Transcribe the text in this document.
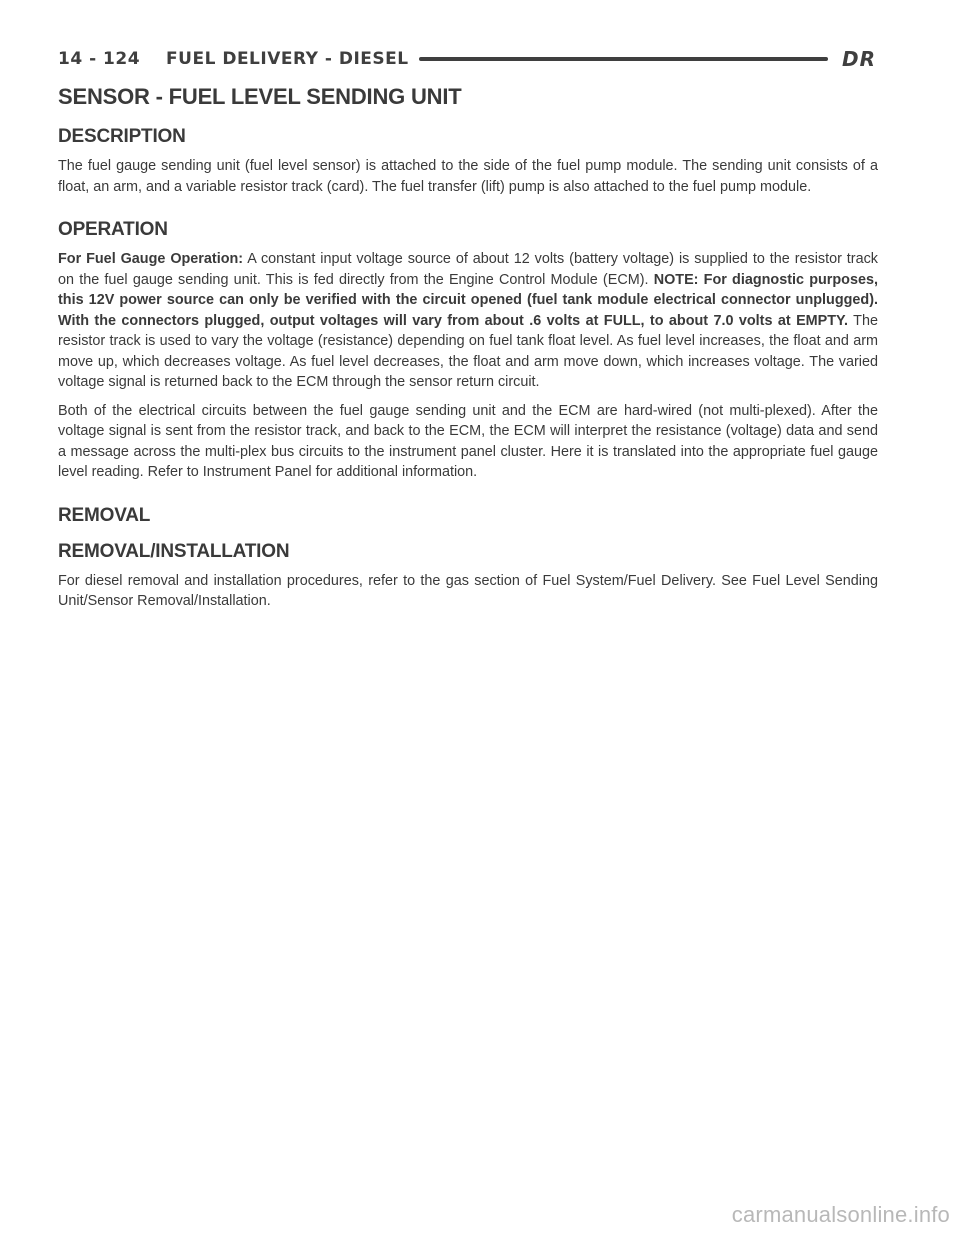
14 - 124 FUEL DELIVERY - DIESEL	DR
SENSOR - FUEL LEVEL SENDING UNIT
DESCRIPTION

The fuel gauge sending unit (fuel level sensor) is attached to the side of the fuel pump module. The sending unit consists of a float, an arm, and a variable resistor track (card). The fuel transfer (lift) pump is also attached to the fuel pump module.

OPERATION

For Fuel Gauge Operation: A constant input voltage source of about 12 volts (battery voltage) is supplied to the resistor track on the fuel gauge sending unit. This is fed directly from the Engine Control Module (ECM). NOTE: For diagnostic purposes, this 12V power source can only be verified with the circuit opened (fuel tank module electrical connector unplugged). With the connectors plugged, output voltages will vary from about .6 volts at FULL, to about 7.0 volts at EMPTY. The resistor track is used to vary the voltage (resistance) depending on fuel tank float level. As fuel level increases, the float and arm move up, which decreases voltage. As fuel level decreases, the float and arm move down, which increases voltage. The varied voltage signal is returned back to the ECM through the sensor return circuit.

Both of the electrical circuits between the fuel gauge sending unit and the ECM are hard-wired (not multi-plexed). After the voltage signal is sent from the resistor track, and back to the ECM, the ECM will interpret the resistance (voltage) data and send a message across the multi-plex bus circuits to the instrument panel cluster. Here it is translated into the appropriate fuel gauge level reading. Refer to Instrument Panel for additional information.

REMOVAL
REMOVAL/INSTALLATION

For diesel removal and installation procedures, refer to the gas section of Fuel System/Fuel Delivery. See Fuel Level Sending Unit/Sensor Removal/Installation.

carmanualsonline.info
